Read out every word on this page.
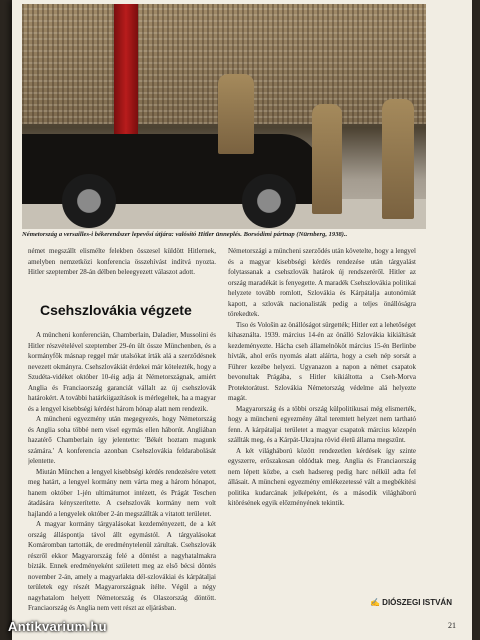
Németország a versailles-i békerendszer lepevősí útjára: valósító Hitler ünneplés. Borsódimi pártnap (Nürnberg, 1938)..

német megszállt elismélte felekben összesel küldött Hitlernek, amelyben nemzetközi konferencia összehívást indítvá nyozta. Hitler szeptember 28-án délben beleegyezett válaszot adott.

Csehszlovákia végzete

A müncheni konferencián, Chamberlain, Daladier, Mussolini és Hitler részvételével szeptember 29-én ült össze Münchenben, és a kormányfők másnap reggel már utalsókat írták alá a szerződésnek nevezett okmányra. Csehszlovákiát érdekei már kötelezték, hogy a Szudéta-vidéket október 10-éig adja át Németországnak, amiért Anglia és Franciaország garanciát vállalt az új csehszlovák határokért. A további határkiigazítások is mérlegeltek, ha a magyar és a lengyel kisebbségi kérdést három hónap alatt nem rendezik.

A müncheni egyezmény után megegyezés, hogy Németország és Anglia soha többé nem visel egymás ellen háborút. Angliában hazatérő Chamberlain így jelentette: 'Békét hoztam magunk számára.' A konferencia azonban Csehszlovákia feldarabolását jelentette.

Miután München a lengyel kisebbségi kérdés rendezésére vetett meg határt, a lengyel kormány nem várta meg a három hónapot, hanem október 1-jén ultimátumot intézett, és Prágát Teschen átadására kényszerítette. A csehszlovák kormány nem volt hajlandó a lengyelek október 2-án megszállták a vitatott területet.

A magyar kormány tárgyalásokat kezdeményezett, de a két ország álláspontja távol állt egymástól. A tárgyalásokat Komáromban tartották, de eredménytelenül zárultak. Csehszlovák részről ekkor Magyarország felé a döntést a nagyhatalmakra bízták. Ennek eredményeként született meg az első bécsi döntés november 2-án, amely a magyarlakta dél-szlovákiai és kárpátaljai területek egy részét Magyarországnak ítélte. Végül a négy nagyhatalom helyett Németország és Olaszország döntött. Franciaország és Anglia nem vett részt az eljárásban.

Németországi a müncheni szerződés után követelte, hogy a lengyel és a magyar kisebbségi kérdés rendezése után tárgyalást folytassanak a csehszlovák határok új rendszeréről. Hitler az ország maradékát is fenyegette. A maradék Csehszlovákia politikai helyzete tovább romlott, Szlovákia és Kárpátalja autonómiát kapott, a szlovák nacionalisták pedig a teljes önállóságra törekedtek.

Tiso és Vološin az önállóságot sürgették; Hitler ezt a lehetőséget kihasználta. 1939. március 14-én az önálló Szlovákia kikiáltását kezdeményezte. Hácha cseh államelnököt március 15-én Berlinbe hívták, ahol erős nyomás alatt aláírta, hogy a cseh nép sorsát a Führer kezébe helyezi. Ugyanazon a napon a német csapatok bevonultak Prágába, s Hitler kikiáltotta a Cseh-Morva Protektorátust. Szlovákia Németország védelme alá helyezte magát.

Magyarország és a többi ország külpolitikusai még elismerték, hogy a müncheni egyezmény által teremtett helyzet nem tartható fenn. A kárpátaljai területet a magyar csapatok március közepén szállták meg, és a Kárpát-Ukrajna rövid életű állama megszűnt.

A két világháború között rendezetlen kérdések így szinte egyszerre, erőszakosan oldódtak meg. Anglia és Franciaország nem lépett közbe, a cseh hadsereg pedig harc nélkül adta fel állásait. A müncheni egyezmény emlékezetessé vált a megbékítési politika kudarcának jelképeként, és a második világháború kitörésének egyik előzményének tekintik.

✍ DIÓSZEGI ISTVÁN
21
Antikvarium.hu
